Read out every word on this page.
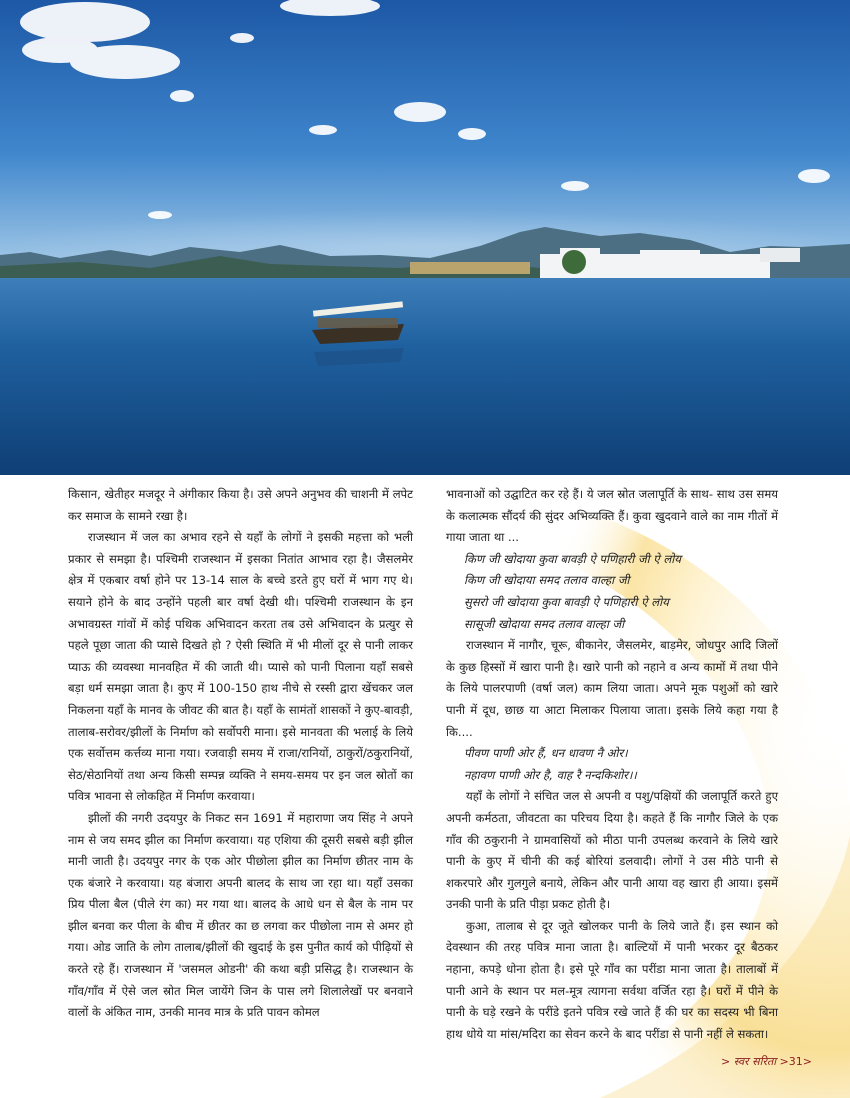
किसान, खेतीहर मजदूर ने अंगीकार किया है। उसे अपने अनुभव की चाशनी में लपेट कर समाज के सामने रखा है।

राजस्थान में जल का अभाव रहने से यहाँ के लोगों ने इसकी महत्ता को भली प्रकार से समझा है। पश्चिमी राजस्थान में इसका नितांत आभाव रहा है। जैसलमेर क्षेत्र में एकबार वर्षा होने पर 13-14 साल के बच्चे डरते हुए घरों में भाग गए थे। सयाने होने के बाद उन्होंने पहली बार वर्षा देखी थी। पश्चिमी राजस्थान के इन अभावग्रस्त गांवों में कोई पथिक अभिवादन करता तब उसे अभिवादन के प्रत्युर से पहले पूछा जाता की प्यासे दिखते हो ? ऐसी स्थिति में भी मीलों दूर से पानी लाकर प्याऊ की व्यवस्था मानवहित में की जाती थी। प्यासे को पानी पिलाना यहाँ सबसे बड़ा धर्म समझा जाता है। कुए में 100-150 हाथ नीचे से रस्सी द्वारा खेंचकर जल निकलना यहाँ के मानव के जीवट की बात है। यहाँ के सामंतों शासकों ने कुए-बावड़ी, तालाब-सरोवर/झीलों के निर्माण को सर्वोपरी माना। इसे मानवता की भलाई के लिये एक सर्वोत्तम कर्त्तव्य माना गया। रजवाड़ी समय में राजा/रानियों, ठाकुरों/ठकुरानियों, सेठ/सेठानियों तथा अन्य किसी सम्पन्न व्यक्ति ने समय-समय पर इन जल स्रोतों का पवित्र भावना से लोकहित में निर्माण करवाया।

झीलों की नगरी उदयपुर के निकट सन 1691 में महाराणा जय सिंह ने अपने नाम से जय समद झील का निर्माण करवाया। यह एशिया की दूसरी सबसे बड़ी झील मानी जाती है। उदयपुर नगर के एक ओर पीछोला झील का निर्माण छीतर नाम के एक बंजारे ने करवाया। यह बंजारा अपनी बालद के साथ जा रहा था। यहाँ उसका प्रिय पीला बैल (पीले रंग का) मर गया था। बालद के आधे धन से बैल के नाम पर झील बनवा कर पीला के बीच में छीतर का छ लगवा कर पीछोला नाम से अमर हो गया। ओड जाति के लोग तालाब/झीलों की खुदाई के इस पुनीत कार्य को पीढ़ियों से करते रहे हैं। राजस्थान में 'जसमल ओडनी' की कथा बड़ी प्रसिद्ध है। राजस्थान के गाँव/गाँव में ऐसे जल स्रोत मिल जायेंगे जिन के पास लगे शिलालेखों पर बनवाने वालों के अंकित नाम, उनकी मानव मात्र के प्रति पावन कोमल

भावनाओं को उद्घाटित कर रहे हैं। ये जल स्रोत जलापूर्ति के साथ- साथ उस समय के कलात्मक सौंदर्य की सुंदर अभिव्यक्ति हैं। कुवा खुदवाने वाले का नाम गीतों में गाया जाता था ...

किण जी खोदाया कुवा बावड़ी ऐ पणिहारी जी ऐ लोय

किण जी खोदाया समद तलाव वाल्हा जी

सुसरो जी खोदाया कुवा बावड़ी ऐ पणिहारी ऐ लोय

सासूजी खोदाया समद तलाव वाल्हा जी

राजस्थान में नागौर, चूरू, बीकानेर, जैसलमेर, बाड़मेर, जोधपुर आदि जिलों के कुछ हिस्सों में खारा पानी है। खारे पानी को नहाने व अन्य कामों में तथा पीने के लिये पालरपाणी (वर्षा जल) काम लिया जाता। अपने मूक पशुओं को खारे पानी में दूध, छाछ या आटा मिलाकर पिलाया जाता। इसके लिये कहा गया है कि....

पीवण पाणी ओर हैं, धन धावण नै ओर।

नहावण पाणी ओर है, वाह रै नन्दकिशोर।।

यहाँ के लोगों ने संचित जल से अपनी व पशु/पक्षियों की जलापूर्ति करते हुए अपनी कर्मठता, जीवटता का परिचय दिया है। कहते हैं कि नागौर जिले के एक गाँव की ठकुरानी ने ग्रामवासियों को मीठा पानी उपलब्ध करवाने के लिये खारे पानी के कुए में चीनी की कई बोरियां डलवादी। लोगों ने उस मीठे पानी से शकरपारे और गुलगुले बनाये, लेकिन और पानी आया वह खारा ही आया। इसमें उनकी पानी के प्रति पीड़ा प्रकट होती है।

कुआ, तालाब से दूर जूते खोलकर पानी के लिये जाते हैं। इस स्थान को देवस्थान की तरह पवित्र माना जाता है। बाल्टियों में पानी भरकर दूर बैठकर नहाना, कपड़े धोना होता है। इसे पूरे गाँव का परींडा माना जाता है। तालाबों में पानी आने के स्थान पर मल-मूत्र त्यागना सर्वथा वर्जित रहा है। घरों में पीने के पानी के घड़े रखने के परींडे इतने पवित्र रखे जाते हैं की घर का सदस्य भी बिना हाथ धोये या मांस/मदिरा का सेवन करने के बाद परींडा से पानी नहीं ले सकता।

> स्वर सरिता >31>
